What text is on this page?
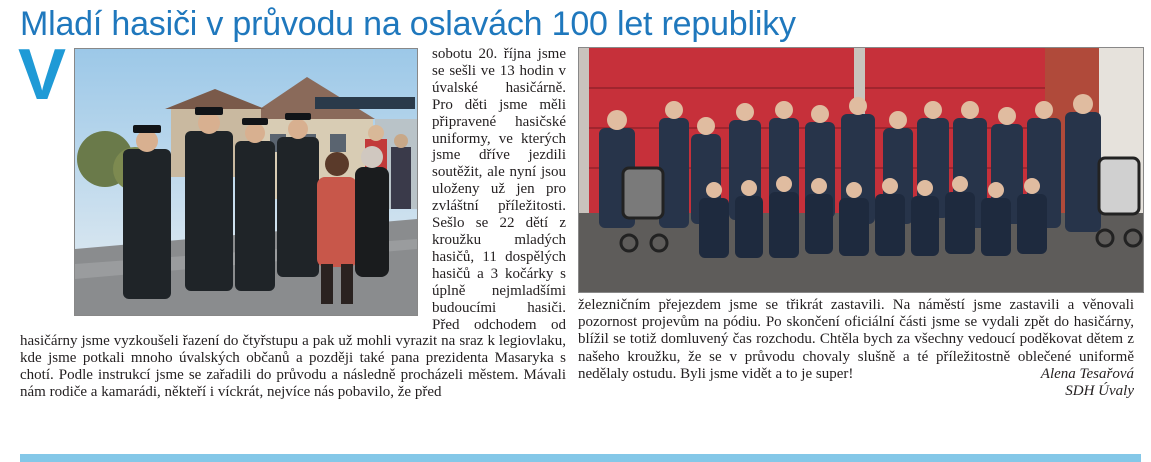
Mladí hasiči v průvodu na oslavách 100 let republiky
V	sobotu 20. října jsme se sešli ve 13 hodin v úvalské hasičárně. Pro děti jsme měli připravené hasičské uniformy, ve kterých jsme dříve jezdili soutěžit, ale nyní jsou uloženy už jen pro zvláštní příležitosti. Sešlo se 22 dětí z kroužku mladých hasičů, 11 dospělých hasičů a 3 kočárky s úplně nejmladšími budoucími hasiči. Před odchodem od hasičárny jsme vyzkoušeli řazení do čtyřstupu a pak už mohli vyrazit na sraz k legiovlaku, kde jsme potkali mnoho úvalských občanů a později také pana prezidenta Masaryka s chotí. Podle instrukcí jsme se zařadili do průvodu a následně procházeli městem. Mávali nám rodiče a kamarádi, někteří i víckrát, nejvíce nás pobavilo, že před
železničním přejezdem jsme se třikrát zastavili. Na náměstí jsme zastavili a věnovali pozornost projevům na pódiu. Po skončení oficiální části jsme se vydali zpět do hasičárny, blížil se totiž domluvený čas rozchodu. Chtěla bych za všechny vedoucí poděkovat dětem z našeho kroužku, že se v průvodu chovaly slušně a té příležitostně oblečené uniformě nedělaly ostudu. Byli jsme vidět a to je super!	Alena Tesařová
SDH Úvaly
